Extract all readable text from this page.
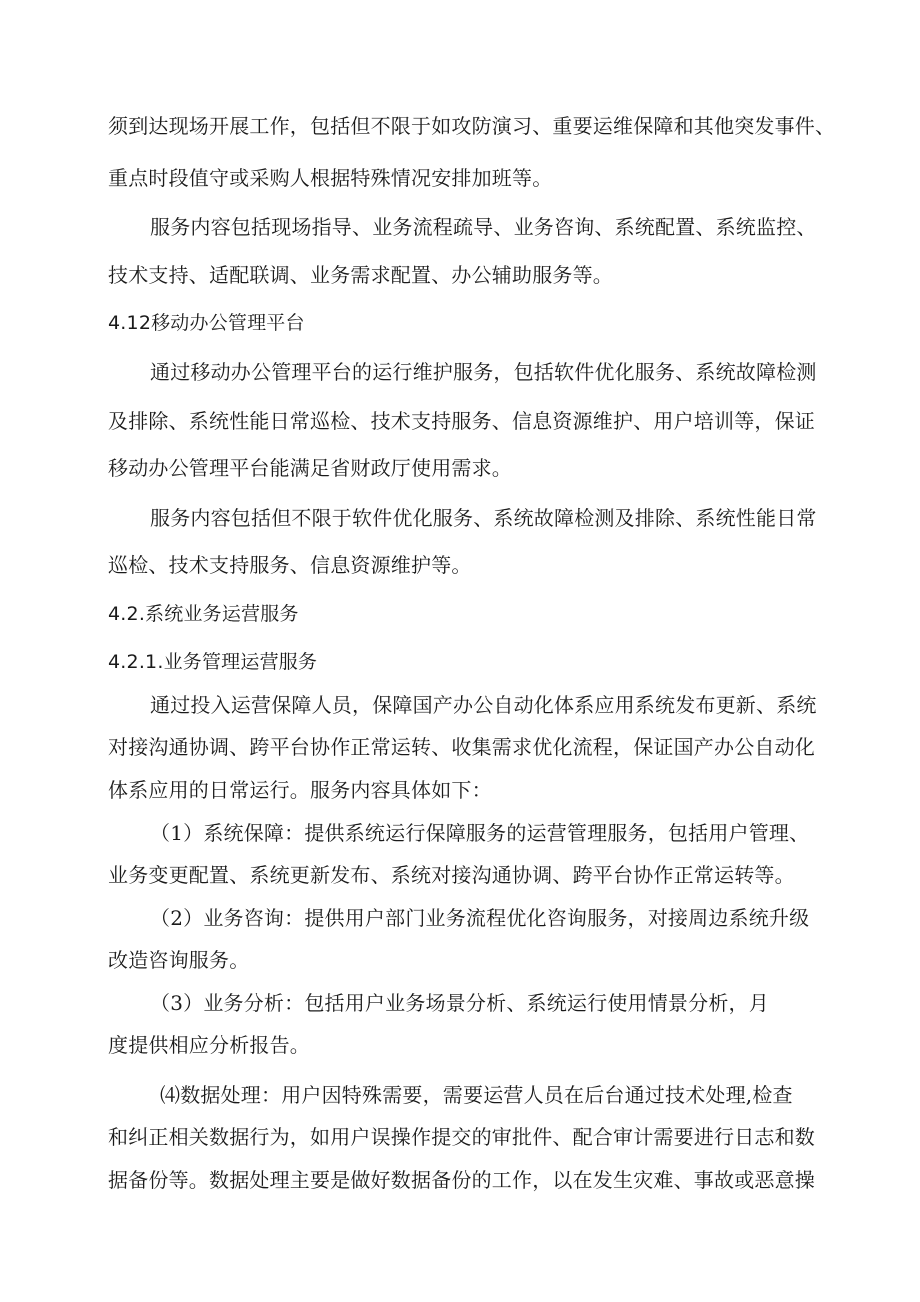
须到达现场开展工作，包括但不限于如攻防演习、重要运维保障和其他突发事件、
重点时段值守或采购人根据特殊情况安排加班等。
服务内容包括现场指导、业务流程疏导、业务咨询、系统配置、系统监控、
技术支持、适配联调、业务需求配置、办公辅助服务等。
4.12移动办公管理平台
通过移动办公管理平台的运行维护服务，包括软件优化服务、系统故障检测
及排除、系统性能日常巡检、技术支持服务、信息资源维护、用户培训等，保证
移动办公管理平台能满足省财政厅使用需求。
服务内容包括但不限于软件优化服务、系统故障检测及排除、系统性能日常
巡检、技术支持服务、信息资源维护等。
4.2.系统业务运营服务
4.2.1.业务管理运营服务
通过投入运营保障人员，保障国产办公自动化体系应用系统发布更新、系统
对接沟通协调、跨平台协作正常运转、收集需求优化流程，保证国产办公自动化
体系应用的日常运行。服务内容具体如下：
（1）系统保障：提供系统运行保障服务的运营管理服务，包括用户管理、
业务变更配置、系统更新发布、系统对接沟通协调、跨平台协作正常运转等。
（2）业务咨询：提供用户部门业务流程优化咨询服务，对接周边系统升级
改造咨询服务。
（3）业务分析：包括用户业务场景分析、系统运行使用情景分析，月
度提供相应分析报告。
⑷数据处理：用户因特殊需要，需要运营人员在后台通过技术处理,检查
和纠正相关数据行为，如用户误操作提交的审批件、配合审计需要进行日志和数
据备份等。数据处理主要是做好数据备份的工作，以在发生灾难、事故或恶意操
